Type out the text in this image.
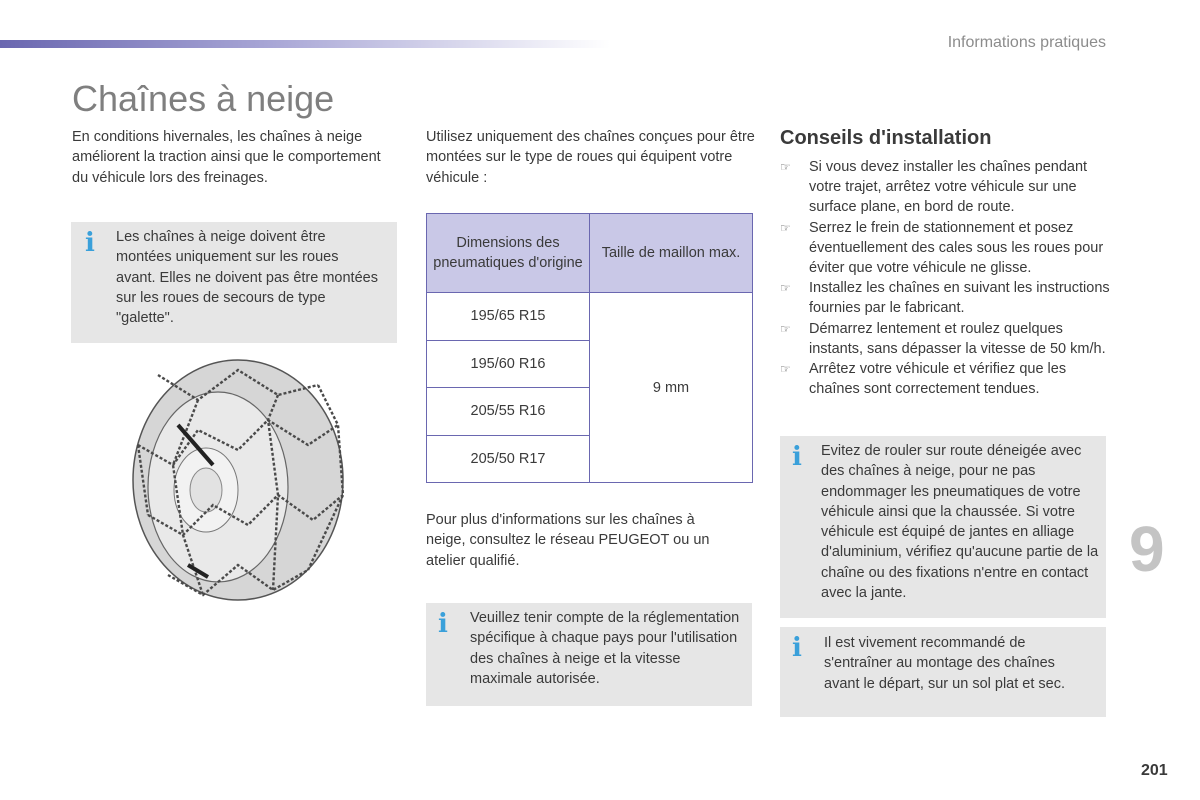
Informations pratiques
Chaînes à neige

En conditions hivernales, les chaînes à neige améliorent la traction ainsi que le comportement du véhicule lors des freinages.

i Les chaînes à neige doivent être montées uniquement sur les roues avant. Elles ne doivent pas être montées sur les roues de secours de type "galette".

Utilisez uniquement des chaînes conçues pour être montées sur le type de roues qui équipent votre véhicule :

Dimensions des pneumatiques d'origine	Taille de maillon max.
195/65 R15	9 mm
195/60 R16	
205/55 R16	
205/50 R17	

Pour plus d'informations sur les chaînes à neige, consultez le réseau PEUGEOT ou un atelier qualifié.

i Veuillez tenir compte de la réglementation spécifique à chaque pays pour l'utilisation des chaînes à neige et la vitesse maximale autorisée.

Conseils d'installation
☞ Si vous devez installer les chaînes pendant votre trajet, arrêtez votre véhicule sur une surface plane, en bord de route.
☞ Serrez le frein de stationnement et posez éventuellement des cales sous les roues pour éviter que votre véhicule ne glisse.
☞ Installez les chaînes en suivant les instructions fournies par le fabricant.
☞ Démarrez lentement et roulez quelques instants, sans dépasser la vitesse de 50 km/h.
☞ Arrêtez votre véhicule et vérifiez que les chaînes sont correctement tendues.
i Evitez de rouler sur route déneigée avec des chaînes à neige, pour ne pas endommager les pneumatiques de votre véhicule ainsi que la chaussée. Si votre véhicule est équipé de jantes en alliage d'aluminium, vérifiez qu'aucune partie de la chaîne ou des fixations n'entre en contact avec la jante.

i Il est vivement recommandé de s'entraîner au montage des chaînes avant le départ, sur un sol plat et sec.

9
201
